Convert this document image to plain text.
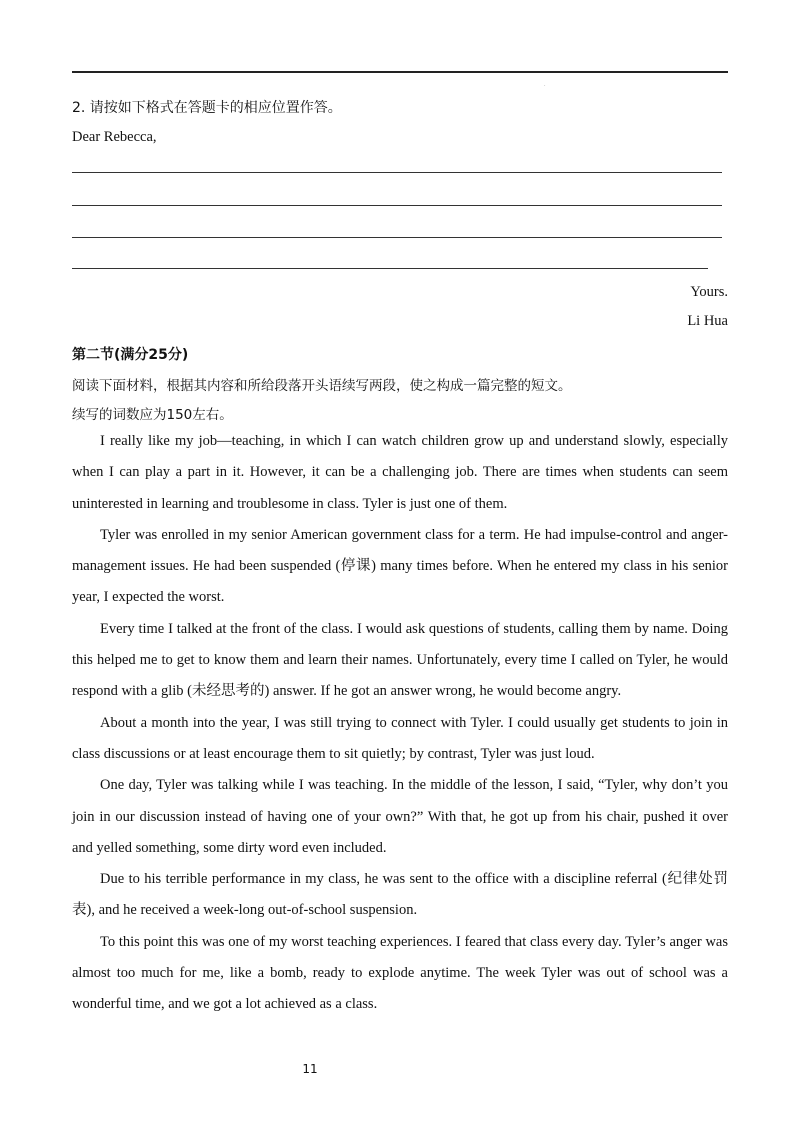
.
2. 请按如下格式在答题卡的相应位置作答。
Dear Rebecca,
Yours.
Li Hua
第二节(满分25分)
阅读下面材料，根据其内容和所给段落开头语续写两段，使之构成一篇完整的短文。
续写的词数应为150左右。

I really like my job—teaching, in which I can watch children grow up and understand slowly, especially when I can play a part in it. However, it can be a challenging job. There are times when students can seem uninterested in learning and troublesome in class. Tyler is just one of them.

Tyler was enrolled in my senior American government class for a term. He had impulse-control and anger-management issues. He had been suspended (停课) many times before. When he entered my class in his senior year, I expected the worst.

Every time I talked at the front of the class. I would ask questions of students, calling them by name. Doing this helped me to get to know them and learn their names. Unfortunately, every time I called on Tyler, he would respond with a glib (未经思考的) answer. If he got an answer wrong, he would become angry.

About a month into the year, I was still trying to connect with Tyler. I could usually get students to join in class discussions or at least encourage them to sit quietly; by contrast, Tyler was just loud.

One day, Tyler was talking while I was teaching. In the middle of the lesson, I said, “Tyler, why don’t you join in our discussion instead of having one of your own?” With that, he got up from his chair, pushed it over and yelled something, some dirty word even included.

Due to his terrible performance in my class, he was sent to the office with a discipline referral (纪律处罚表), and he received a week-long out-of-school suspension.

To this point this was one of my worst teaching experiences. I feared that class every day. Tyler’s anger was almost too much for me, like a bomb, ready to explode anytime. The week Tyler was out of school was a wonderful time, and we got a lot achieved as a class.

11
